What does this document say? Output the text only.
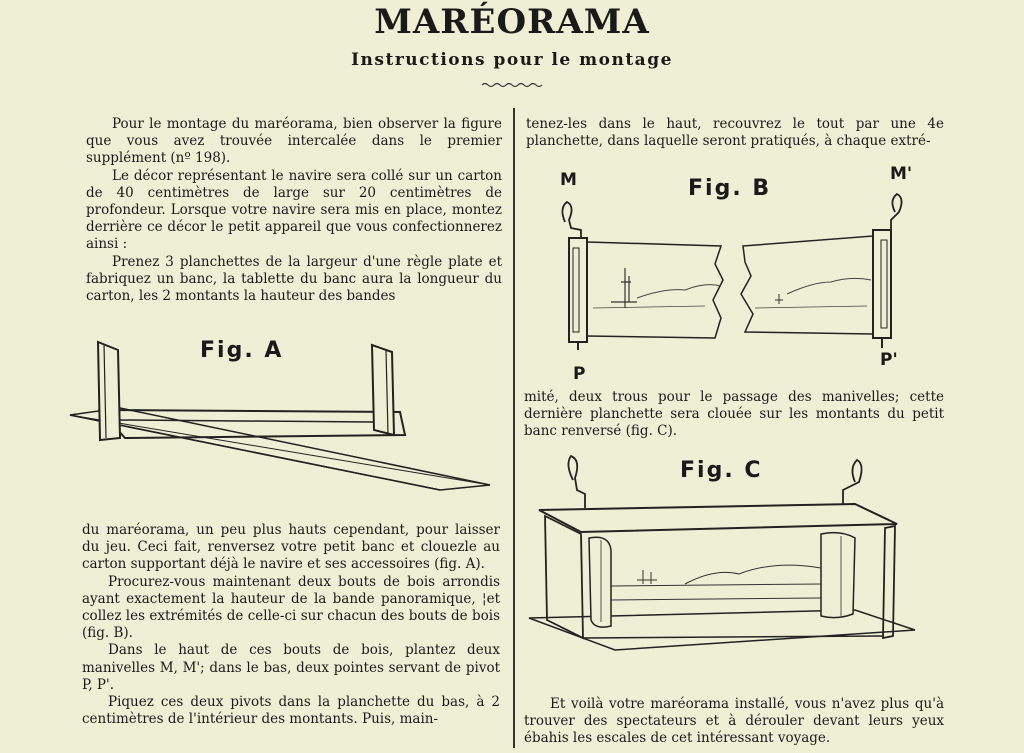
MARÉORAMA
Instructions pour le montage

Pour le montage du maréorama, bien observer la figure que vous avez trouvée intercalée dans le premier supplément (nº 198).

Le décor représentant le navire sera collé sur un carton de 40 centimètres de large sur 20 centimètres de profondeur. Lorsque votre navire sera mis en place, montez derrière ce décor le petit appareil que vous confectionnerez ainsi :

Prenez 3 planchettes de la largeur d'une règle plate et fabriquez un banc, la tablette du banc aura la longueur du carton, les 2 montants la hauteur des bandes

Fig. A

du maréorama, un peu plus hauts cependant, pour laisser du jeu. Ceci fait, renversez votre petit banc et clouezle au carton supportant déjà le navire et ses accessoires (fig. A).

Procurez-vous maintenant deux bouts de bois arrondis ayant exactement la hauteur de la bande panoramique, ¦et collez les extrémités de celle-ci sur chacun des bouts de bois (fig. B).

Dans le haut de ces bouts de bois, plantez deux manivelles M, M'; dans le bas, deux pointes servant de pivot P, P'.

Piquez ces deux pivots dans la planchette du bas, à 2 centimètres de l'intérieur des montants. Puis, main-

tenez-les dans le haut, recouvrez le tout par une 4e planchette, dans laquelle seront pratiqués, à chaque extré-

Fig. B
M	M'
P
P'

mité, deux trous pour le passage des manivelles; cette dernière planchette sera clouée sur les montants du petit banc renversé (fig. C).

Fig. C

Et voilà votre maréorama installé, vous n'avez plus qu'à trouver des spectateurs et à dérouler devant leurs yeux ébahis les escales de cet intéressant voyage.
